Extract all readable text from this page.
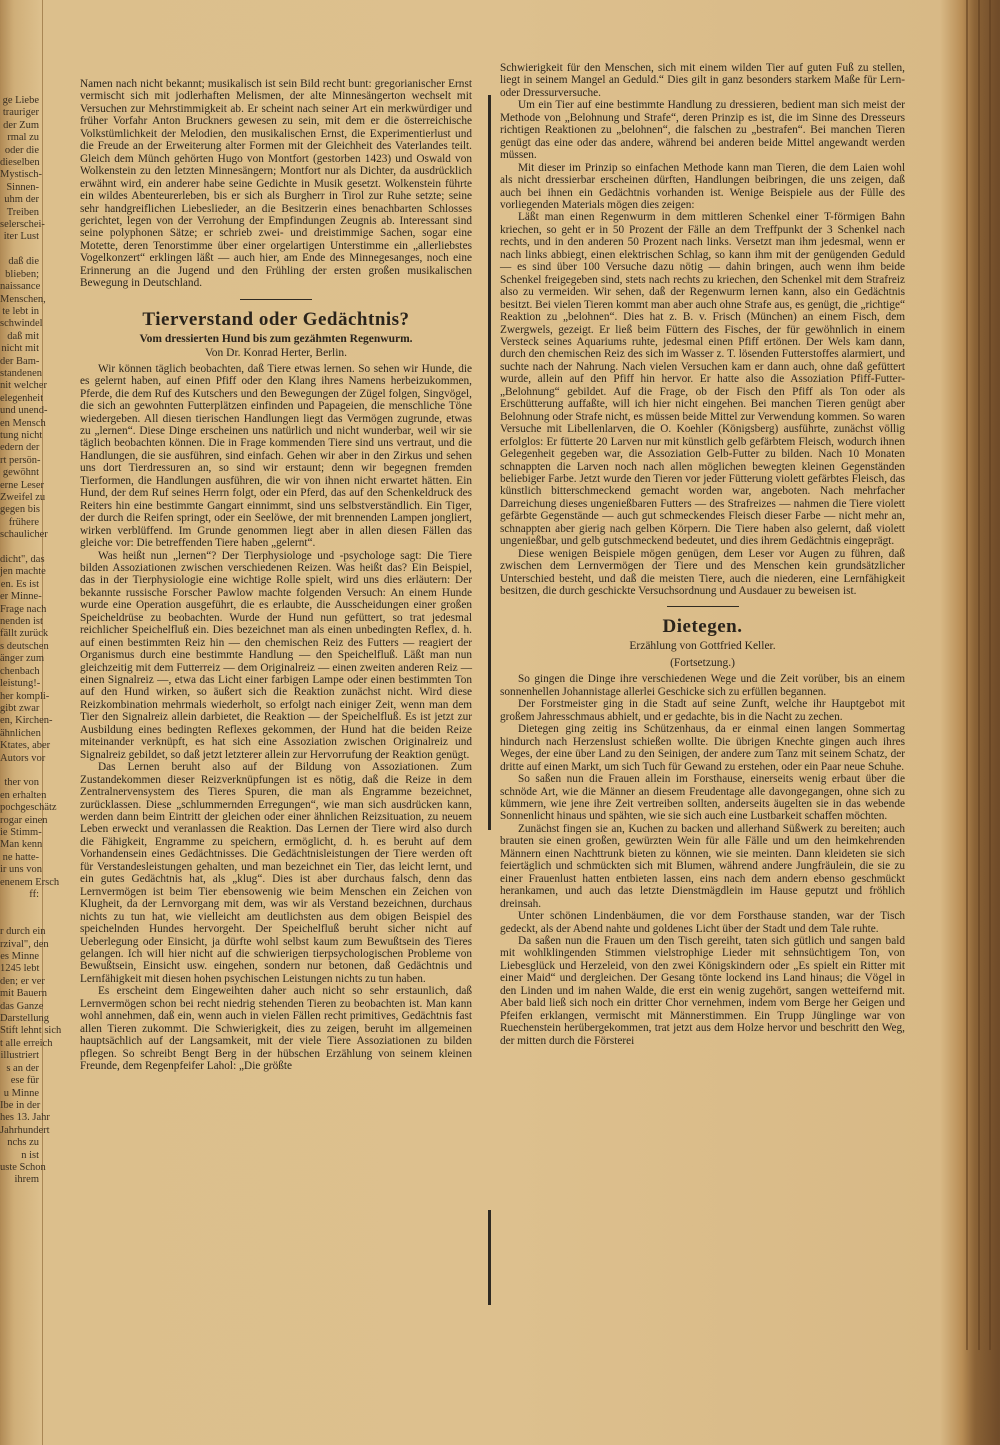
ge Liebe
trauriger
der Zum
rmal zu
oder die
dieselben
Mystisch-
Sinnen-
uhm der
Treiben
selerschei-
iter Lust

daß die
blieben;
naissance
Menschen,
te lebt in
schwindel
daß mit
nicht mit
der Bam-
standenen
nit welcher
elegenheit
und unend-
en Mensch
tung nicht
edern der
rt persön-
gewöhnt
erne Leser
Zweifel zu
gegen bis
frühere
schaulicher

dicht", das
jen machte
en. Es ist
er Minne-
Frage nach
nenden ist
fällt zurück
s deutschen
änger zum
chenbach
leistung!-
her kompli-
gibt zwar
en, Kirchen-
ähnlichen
Ktates, aber
Autors vor

ther von
en erhalten
pochgeschätz
rogar einen
ie Stimm-
Man kenn
ne hatte-
ir uns von
enenem Ersch
ff:

r durch ein
rzival", den
es Minne
1245 lebt
den; er ver
mit Bauern
das Ganze
Darstellung
Stift lehnt sich
t alle erreich
illustriert
s an der
ese für
u Minne
Ibe in der
hes 13. Jahr
Jahrhundert
nchs zu
n ist
uste Schon
ihrem

Namen nach nicht bekannt; musikalisch ist sein Bild recht bunt: gregorianischer Ernst vermischt sich mit jodlerhaften Melismen, der alte Minnesängerton wechselt mit Versuchen zur Mehrstimmigkeit ab. Er scheint nach seiner Art ein merkwürdiger und früher Vorfahr Anton Bruckners gewesen zu sein, mit dem er die österreichische Volkstümlichkeit der Melodien, den musikalischen Ernst, die Experimentierlust und die Freude an der Erweiterung alter Formen mit der Gleichheit des Vaterlandes teilt. Gleich dem Münch gehörten Hugo von Montfort (gestorben 1423) und Oswald von Wolkenstein zu den letzten Minnesängern; Montfort nur als Dichter, da ausdrücklich erwähnt wird, ein anderer habe seine Gedichte in Musik gesetzt. Wolkenstein führte ein wildes Abenteurerleben, bis er sich als Burgherr in Tirol zur Ruhe setzte; seine sehr handgreiflichen Liebeslieder, an die Besitzerin eines benachbarten Schlosses gerichtet, legen von der Verrohung der Empfindungen Zeugnis ab. Interessant sind seine polyphonen Sätze; er schrieb zwei- und dreistimmige Sachen, sogar eine Motette, deren Tenorstimme über einer orgelartigen Unterstimme ein „allerliebstes Vogelkonzert“ erklingen läßt — auch hier, am Ende des Minnegesanges, noch eine Erinnerung an die Jugend und den Frühling der ersten großen musikalischen Bewegung in Deutschland.

Tierverstand oder Gedächtnis?
Vom dressierten Hund bis zum gezähmten Regenwurm.
Von Dr. Konrad Herter, Berlin.

Wir können täglich beobachten, daß Tiere etwas lernen. So sehen wir Hunde, die es gelernt haben, auf einen Pfiff oder den Klang ihres Namens herbeizukommen, Pferde, die dem Ruf des Kutschers und den Bewegungen der Zügel folgen, Singvögel, die sich an gewohnten Futterplätzen einfinden und Papageien, die menschliche Töne wiedergeben. All diesen tierischen Handlungen liegt das Vermögen zugrunde, etwas zu „lernen“. Diese Dinge erscheinen uns natürlich und nicht wunderbar, weil wir sie täglich beobachten können. Die in Frage kommenden Tiere sind uns vertraut, und die Handlungen, die sie ausführen, sind einfach. Gehen wir aber in den Zirkus und sehen uns dort Tierdressuren an, so sind wir erstaunt; denn wir begegnen fremden Tierformen, die Handlungen ausführen, die wir von ihnen nicht erwartet hätten. Ein Hund, der dem Ruf seines Herrn folgt, oder ein Pferd, das auf den Schenkeldruck des Reiters hin eine bestimmte Gangart einnimmt, sind uns selbstverständlich. Ein Tiger, der durch die Reifen springt, oder ein Seelöwe, der mit brennenden Lampen jongliert, wirken verblüffend. Im Grunde genommen liegt aber in allen diesen Fällen das gleiche vor: Die betreffenden Tiere haben „gelernt“.

Was heißt nun „lernen“? Der Tierphysiologe und -psychologe sagt: Die Tiere bilden Assoziationen zwischen verschiedenen Reizen. Was heißt das? Ein Beispiel, das in der Tierphysiologie eine wichtige Rolle spielt, wird uns dies erläutern: Der bekannte russische Forscher Pawlow machte folgenden Versuch: An einem Hunde wurde eine Operation ausgeführt, die es erlaubte, die Ausscheidungen einer großen Speicheldrüse zu beobachten. Wurde der Hund nun gefüttert, so trat jedesmal reichlicher Speichelfluß ein. Dies bezeichnet man als einen unbedingten Reflex, d. h. auf einen bestimmten Reiz hin — den chemischen Reiz des Futters — reagiert der Organismus durch eine bestimmte Handlung — den Speichelfluß. Läßt man nun gleichzeitig mit dem Futterreiz — dem Originalreiz — einen zweiten anderen Reiz — einen Signalreiz —, etwa das Licht einer farbigen Lampe oder einen bestimmten Ton auf den Hund wirken, so äußert sich die Reaktion zunächst nicht. Wird diese Reizkombination mehrmals wiederholt, so erfolgt nach einiger Zeit, wenn man dem Tier den Signalreiz allein darbietet, die Reaktion — der Speichelfluß. Es ist jetzt zur Ausbildung eines bedingten Reflexes gekommen, der Hund hat die beiden Reize miteinander verknüpft, es hat sich eine Assoziation zwischen Originalreiz und Signalreiz gebildet, so daß jetzt letzterer allein zur Hervorrufung der Reaktion genügt.

Das Lernen beruht also auf der Bildung von Assoziationen. Zum Zustandekommen dieser Reizverknüpfungen ist es nötig, daß die Reize in dem Zentralnervensystem des Tieres Spuren, die man als Engramme bezeichnet, zurücklassen. Diese „schlummernden Erregungen“, wie man sich ausdrücken kann, werden dann beim Eintritt der gleichen oder einer ähnlichen Reizsituation, zu neuem Leben erweckt und veranlassen die Reaktion. Das Lernen der Tiere wird also durch die Fähigkeit, Engramme zu speichern, ermöglicht, d. h. es beruht auf dem Vorhandensein eines Gedächtnisses. Die Gedächtnisleistungen der Tiere werden oft für Verstandesleistungen gehalten, und man bezeichnet ein Tier, das leicht lernt, und ein gutes Gedächtnis hat, als „klug“. Dies ist aber durchaus falsch, denn das Lernvermögen ist beim Tier ebensowenig wie beim Menschen ein Zeichen von Klugheit, da der Lernvorgang mit dem, was wir als Verstand bezeichnen, durchaus nichts zu tun hat, wie vielleicht am deutlichsten aus dem obigen Beispiel des speichelnden Hundes hervorgeht. Der Speichelfluß beruht sicher nicht auf Ueberlegung oder Einsicht, ja dürfte wohl selbst kaum zum Bewußtsein des Tieres gelangen. Ich will hier nicht auf die schwierigen tierpsychologischen Probleme von Bewußtsein, Einsicht usw. eingehen, sondern nur betonen, daß Gedächtnis und Lernfähigkeit mit diesen hohen psychischen Leistungen nichts zu tun haben.

Es erscheint dem Eingeweihten daher auch nicht so sehr erstaunlich, daß Lernvermögen schon bei recht niedrig stehenden Tieren zu beobachten ist. Man kann wohl annehmen, daß ein, wenn auch in vielen Fällen recht primitives, Gedächtnis fast allen Tieren zukommt. Die Schwierigkeit, dies zu zeigen, beruht im allgemeinen hauptsächlich auf der Langsamkeit, mit der viele Tiere Assoziationen zu bilden pflegen. So schreibt Bengt Berg in der hübschen Erzählung von seinem kleinen Freunde, dem Regenpfeifer Lahol: „Die größte

Schwierigkeit für den Menschen, sich mit einem wilden Tier auf guten Fuß zu stellen, liegt in seinem Mangel an Geduld.“ Dies gilt in ganz besonders starkem Maße für Lern- oder Dressurversuche.

Um ein Tier auf eine bestimmte Handlung zu dressieren, bedient man sich meist der Methode von „Belohnung und Strafe“, deren Prinzip es ist, die im Sinne des Dresseurs richtigen Reaktionen zu „belohnen“, die falschen zu „bestrafen“. Bei manchen Tieren genügt das eine oder das andere, während bei anderen beide Mittel angewandt werden müssen.

Mit dieser im Prinzip so einfachen Methode kann man Tieren, die dem Laien wohl als nicht dressierbar erscheinen dürften, Handlungen beibringen, die uns zeigen, daß auch bei ihnen ein Gedächtnis vorhanden ist. Wenige Beispiele aus der Fülle des vorliegenden Materials mögen dies zeigen:

Läßt man einen Regenwurm in dem mittleren Schenkel einer T-förmigen Bahn kriechen, so geht er in 50 Prozent der Fälle an dem Treffpunkt der 3 Schenkel nach rechts, und in den anderen 50 Prozent nach links. Versetzt man ihm jedesmal, wenn er nach links abbiegt, einen elektrischen Schlag, so kann ihm mit der genügenden Geduld — es sind über 100 Versuche dazu nötig — dahin bringen, auch wenn ihm beide Schenkel freigegeben sind, stets nach rechts zu kriechen, den Schenkel mit dem Strafreiz also zu vermeiden. Wir sehen, daß der Regenwurm lernen kann, also ein Gedächtnis besitzt. Bei vielen Tieren kommt man aber auch ohne Strafe aus, es genügt, die „richtige“ Reaktion zu „belohnen“. Dies hat z. B. v. Frisch (München) an einem Fisch, dem Zwergwels, gezeigt. Er ließ beim Füttern des Fisches, der für gewöhnlich in einem Versteck seines Aquariums ruhte, jedesmal einen Pfiff ertönen. Der Wels kam dann, durch den chemischen Reiz des sich im Wasser z. T. lösenden Futterstoffes alarmiert, und suchte nach der Nahrung. Nach vielen Versuchen kam er dann auch, ohne daß gefüttert wurde, allein auf den Pfiff hin hervor. Er hatte also die Assoziation Pfiff-Futter-„Belohnung“ gebildet. Auf die Frage, ob der Fisch den Pfiff als Ton oder als Erschütterung auffaßte, will ich hier nicht eingehen. Bei manchen Tieren genügt aber Belohnung oder Strafe nicht, es müssen beide Mittel zur Verwendung kommen. So waren Versuche mit Libellenlarven, die O. Koehler (Königsberg) ausführte, zunächst völlig erfolglos: Er fütterte 20 Larven nur mit künstlich gelb gefärbtem Fleisch, wodurch ihnen Gelegenheit gegeben war, die Assoziation Gelb-Futter zu bilden. Nach 10 Monaten schnappten die Larven noch nach allen möglichen bewegten kleinen Gegenständen beliebiger Farbe. Jetzt wurde den Tieren vor jeder Fütterung violett gefärbtes Fleisch, das künstlich bitterschmeckend gemacht worden war, angeboten. Nach mehrfacher Darreichung dieses ungenießbaren Futters — des Strafreizes — nahmen die Tiere violett gefärbte Gegenstände — auch gut schmeckendes Fleisch dieser Farbe — nicht mehr an, schnappten aber gierig nach gelben Körpern. Die Tiere haben also gelernt, daß violett ungenießbar, und gelb gutschmeckend bedeutet, und dies ihrem Gedächtnis eingeprägt.

Diese wenigen Beispiele mögen genügen, dem Leser vor Augen zu führen, daß zwischen dem Lernvermögen der Tiere und des Menschen kein grundsätzlicher Unterschied besteht, und daß die meisten Tiere, auch die niederen, eine Lernfähigkeit besitzen, die durch geschickte Versuchsordnung und Ausdauer zu beweisen ist.

Dietegen.
Erzählung von Gottfried Keller.
(Fortsetzung.)

So gingen die Dinge ihre verschiedenen Wege und die Zeit vorüber, bis an einem sonnenhellen Johannistage allerlei Geschicke sich zu erfüllen begannen.

Der Forstmeister ging in die Stadt auf seine Zunft, welche ihr Hauptgebot mit großem Jahresschmaus abhielt, und er gedachte, bis in die Nacht zu zechen.

Dietegen ging zeitig ins Schützenhaus, da er einmal einen langen Sommertag hindurch nach Herzenslust schießen wollte. Die übrigen Knechte gingen auch ihres Weges, der eine über Land zu den Seinigen, der andere zum Tanz mit seinem Schatz, der dritte auf einen Markt, um sich Tuch für Gewand zu erstehen, oder ein Paar neue Schuhe.

So saßen nun die Frauen allein im Forsthause, einerseits wenig erbaut über die schnöde Art, wie die Männer an diesem Freudentage alle davongegangen, ohne sich zu kümmern, wie jene ihre Zeit vertreiben sollten, anderseits äugelten sie in das webende Sonnenlicht hinaus und spähten, wie sie sich auch eine Lustbarkeit schaffen möchten.

Zunächst fingen sie an, Kuchen zu backen und allerhand Süßwerk zu bereiten; auch brauten sie einen großen, gewürzten Wein für alle Fälle und um den heimkehrenden Männern einen Nachttrunk bieten zu können, wie sie meinten. Dann kleideten sie sich feiertäglich und schmückten sich mit Blumen, während andere Jungfräulein, die sie zu einer Frauenlust hatten entbieten lassen, eins nach dem andern ebenso geschmückt herankamen, und auch das letzte Dienstmägdlein im Hause geputzt und fröhlich dreinsah.

Unter schönen Lindenbäumen, die vor dem Forsthause standen, war der Tisch gedeckt, als der Abend nahte und goldenes Licht über der Stadt und dem Tale ruhte.

Da saßen nun die Frauen um den Tisch gereiht, taten sich gütlich und sangen bald mit wohlklingenden Stimmen vielstrophige Lieder mit sehnsüchtigem Ton, von Liebesglück und Herzeleid, von den zwei Königskindern oder „Es spielt ein Ritter mit einer Maid“ und dergleichen. Der Gesang tönte lockend ins Land hinaus; die Vögel in den Linden und im nahen Walde, die erst ein wenig zugehört, sangen wetteifernd mit. Aber bald ließ sich noch ein dritter Chor vernehmen, indem vom Berge her Geigen und Pfeifen erklangen, vermischt mit Männerstimmen. Ein Trupp Jünglinge war von Ruechenstein herübergekommen, trat jetzt aus dem Holze hervor und beschritt den Weg, der mitten durch die Försterei
